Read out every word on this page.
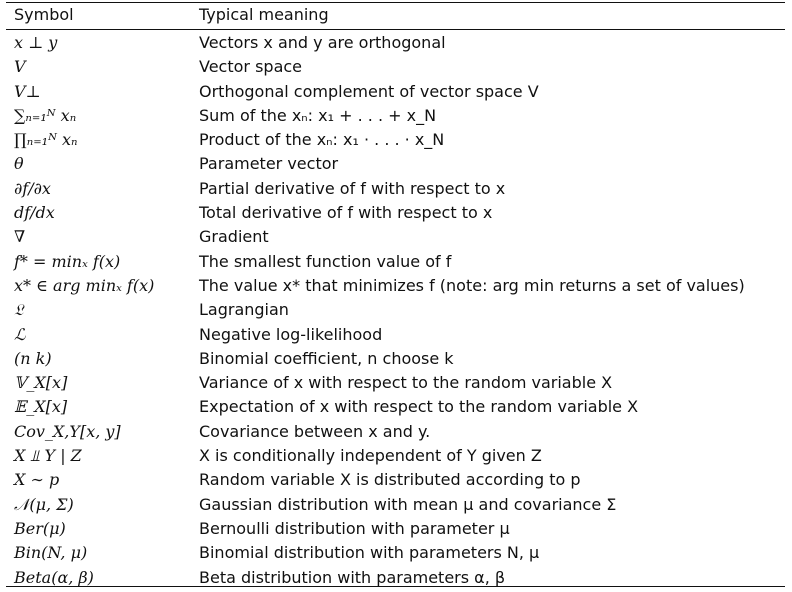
Symbol	Typical meaning
x ⊥ y	Vectors x and y are orthogonal
V	Vector space
V⊥	Orthogonal complement of vector space V
∑ₙ₌₁ᴺ xₙ	Sum of the xₙ: x₁ + . . . + x_N
∏ₙ₌₁ᴺ xₙ	Product of the xₙ: x₁ · . . . · x_N
θ	Parameter vector
∂f/∂x	Partial derivative of f with respect to x
df/dx	Total derivative of f with respect to x
∇	Gradient
f* = minₓ f(x)	The smallest function value of f
x* ∈ arg minₓ f(x)	The value x* that minimizes f (note: arg min returns a set of values)
𝔏	Lagrangian
ℒ	Negative log-likelihood
(n k)	Binomial coefficient, n choose k
𝕍_X[x]	Variance of x with respect to the random variable X
𝔼_X[x]	Expectation of x with respect to the random variable X
Cov_X,Y[x, y]	Covariance between x and y.
X ⫫ Y | Z	X is conditionally independent of Y given Z
X ∼ p	Random variable X is distributed according to p
𝒩(μ, Σ)	Gaussian distribution with mean μ and covariance Σ
Ber(μ)	Bernoulli distribution with parameter μ
Bin(N, μ)	Binomial distribution with parameters N, μ
Beta(α, β)	Beta distribution with parameters α, β
